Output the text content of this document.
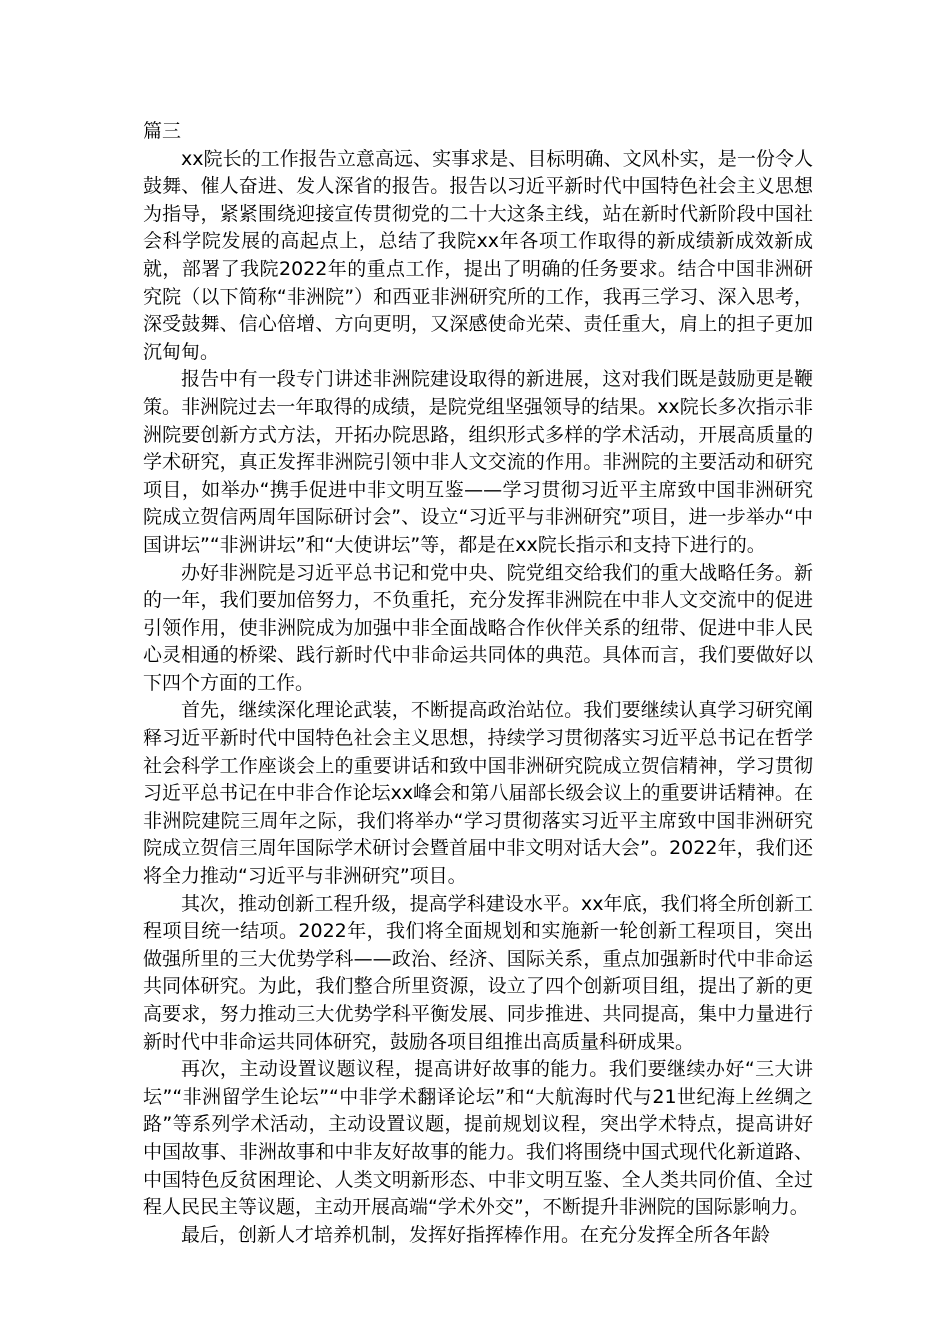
篇三

xx院长的工作报告立意高远、实事求是、目标明确、文风朴实，是一份令人鼓舞、催人奋进、发人深省的报告。报告以习近平新时代中国特色社会主义思想为指导，紧紧围绕迎接宣传贯彻党的二十大这条主线，站在新时代新阶段中国社会科学院发展的高起点上，总结了我院xx年各项工作取得的新成绩新成效新成就，部署了我院2022年的重点工作，提出了明确的任务要求。结合中国非洲研究院（以下简称“非洲院”）和西亚非洲研究所的工作，我再三学习、深入思考，深受鼓舞、信心倍增、方向更明，又深感使命光荣、责任重大，肩上的担子更加沉甸甸。

报告中有一段专门讲述非洲院建设取得的新进展，这对我们既是鼓励更是鞭策。非洲院过去一年取得的成绩，是院党组坚强领导的结果。xx院长多次指示非洲院要创新方式方法，开拓办院思路，组织形式多样的学术活动，开展高质量的学术研究，真正发挥非洲院引领中非人文交流的作用。非洲院的主要活动和研究项目，如举办“携手促进中非文明互鉴——学习贯彻习近平主席致中国非洲研究院成立贺信两周年国际研讨会”、设立“习近平与非洲研究”项目，进一步举办“中国讲坛”“非洲讲坛”和“大使讲坛”等，都是在xx院长指示和支持下进行的。

办好非洲院是习近平总书记和党中央、院党组交给我们的重大战略任务。新的一年，我们要加倍努力，不负重托，充分发挥非洲院在中非人文交流中的促进引领作用，使非洲院成为加强中非全面战略合作伙伴关系的纽带、促进中非人民心灵相通的桥梁、践行新时代中非命运共同体的典范。具体而言，我们要做好以下四个方面的工作。

首先，继续深化理论武装，不断提高政治站位。我们要继续认真学习研究阐释习近平新时代中国特色社会主义思想，持续学习贯彻落实习近平总书记在哲学社会科学工作座谈会上的重要讲话和致中国非洲研究院成立贺信精神，学习贯彻习近平总书记在中非合作论坛xx峰会和第八届部长级会议上的重要讲话精神。在非洲院建院三周年之际，我们将举办“学习贯彻落实习近平主席致中国非洲研究院成立贺信三周年国际学术研讨会暨首届中非文明对话大会”。2022年，我们还将全力推动“习近平与非洲研究”项目。

其次，推动创新工程升级，提高学科建设水平。xx年底，我们将全所创新工程项目统一结项。2022年，我们将全面规划和实施新一轮创新工程项目，突出做强所里的三大优势学科——政治、经济、国际关系，重点加强新时代中非命运共同体研究。为此，我们整合所里资源，设立了四个创新项目组，提出了新的更高要求，努力推动三大优势学科平衡发展、同步推进、共同提高，集中力量进行新时代中非命运共同体研究，鼓励各项目组推出高质量科研成果。

再次，主动设置议题议程，提高讲好故事的能力。我们要继续办好“三大讲坛”“非洲留学生论坛”“中非学术翻译论坛”和“大航海时代与21世纪海上丝绸之路”等系列学术活动，主动设置议题，提前规划议程，突出学术特点，提高讲好中国故事、非洲故事和中非友好故事的能力。我们将围绕中国式现代化新道路、中国特色反贫困理论、人类文明新形态、中非文明互鉴、全人类共同价值、全过程人民民主等议题，主动开展高端“学术外交”，不断提升非洲院的国际影响力。

最后，创新人才培养机制，发挥好指挥棒作用。在充分发挥全所各年龄
